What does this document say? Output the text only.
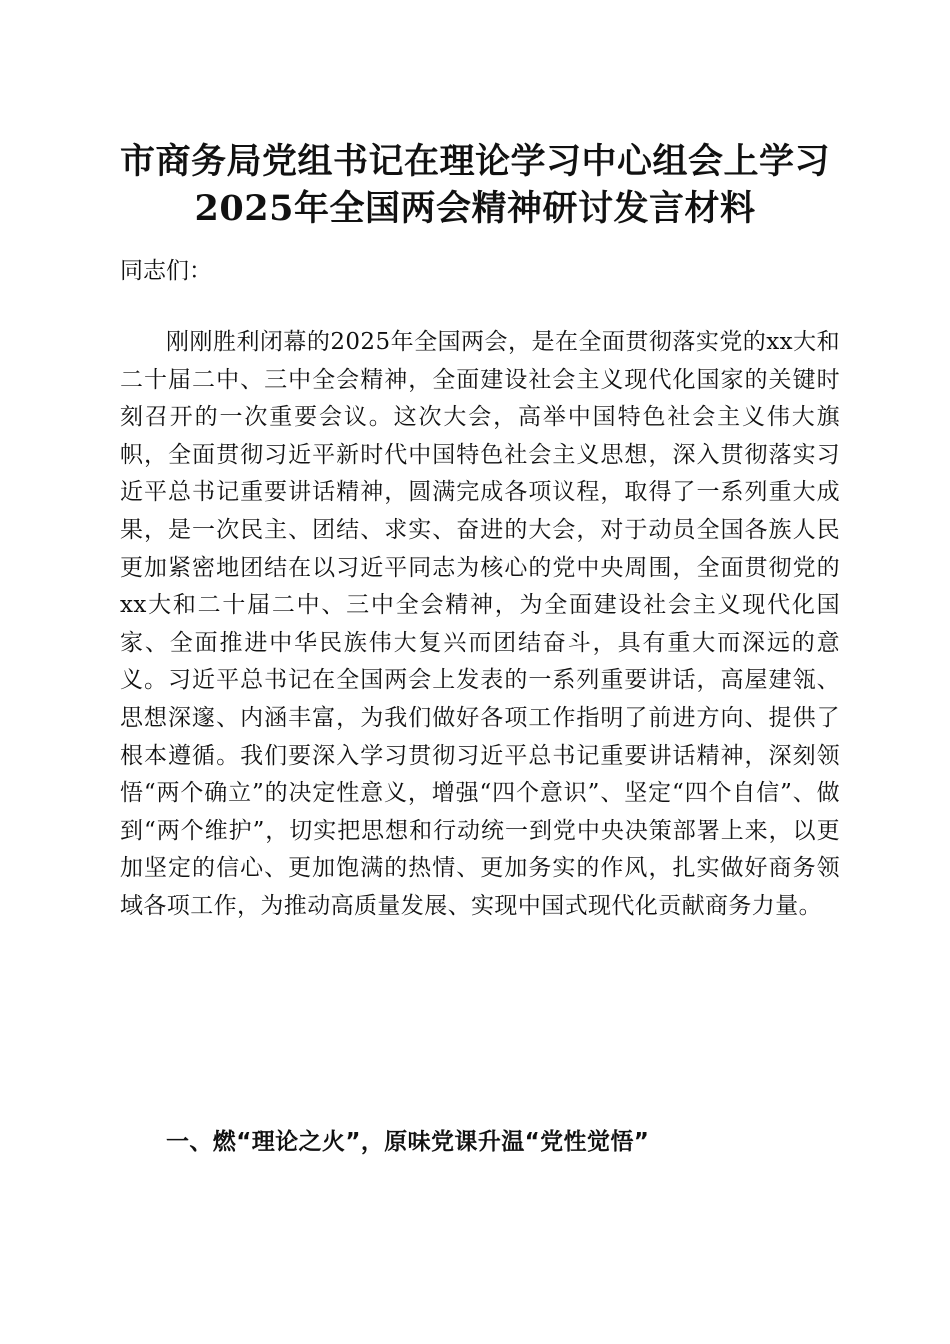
市商务局党组书记在理论学习中心组会上学习
2025年全国两会精神研讨发言材料

同志们：

刚刚胜利闭幕的2025年全国两会，是在全面贯彻落实党的xx大和二十届二中、三中全会精神，全面建设社会主义现代化国家的关键时刻召开的一次重要会议。这次大会，高举中国特色社会主义伟大旗帜，全面贯彻习近平新时代中国特色社会主义思想，深入贯彻落实习近平总书记重要讲话精神，圆满完成各项议程，取得了一系列重大成果，是一次民主、团结、求实、奋进的大会，对于动员全国各族人民更加紧密地团结在以习近平同志为核心的党中央周围，全面贯彻党的xx大和二十届二中、三中全会精神，为全面建设社会主义现代化国家、全面推进中华民族伟大复兴而团结奋斗，具有重大而深远的意义。习近平总书记在全国两会上发表的一系列重要讲话，高屋建瓴、思想深邃、内涵丰富，为我们做好各项工作指明了前进方向、提供了根本遵循。我们要深入学习贯彻习近平总书记重要讲话精神，深刻领悟“两个确立”的决定性意义，增强“四个意识”、坚定“四个自信”、做到“两个维护”，切实把思想和行动统一到党中央决策部署上来，以更加坚定的信心、更加饱满的热情、更加务实的作风，扎实做好商务领域各项工作，为推动高质量发展、实现中国式现代化贡献商务力量。

一、燃“理论之火”，原味党课升温“党性觉悟”
